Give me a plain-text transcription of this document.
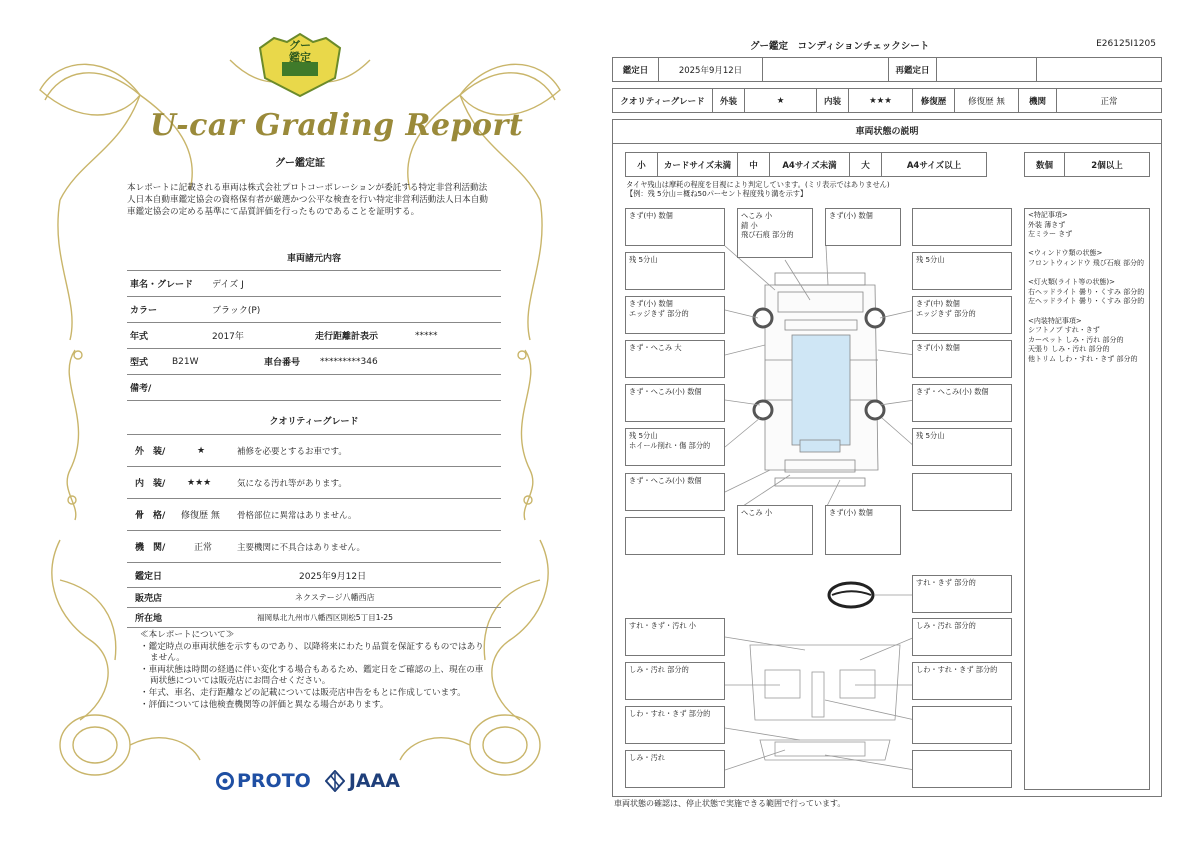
グー
鑑定
U-car Grading Report
グー鑑定証
本レポートに記載される車両は株式会社プロトコーポレーションが委託する特定非営利活動法人日本自動車鑑定協会の資格保有者が厳選かつ公平な検査を行い特定非営利活動法人日本自動車鑑定協会の定める基準にて品質評価を行ったものであることを証明する。
車両諸元内容
車名・グレード デイズ J
カラー	ブラック(P)
年式	2017年	走行距離計表示	*****
型式	B21W	車台番号 *********346
備考/
クオリティーグレード
外　装/	★	補修を必要とするお車です。
内　装/ ★★★	気になる汚れ等があります。
骨　格/ 修復歴 無 骨格部位に異常はありません。
機　関/	正常	主要機関に不具合はありません。
鑑定日	2025年9月12日
販売店	ネクステージ八幡西店
所在地	福岡県北九州市八幡西区則松5丁目1-25
≪本レポートについて≫
・鑑定時点の車両状態を示すものであり、以降将来にわたり品質を保証するものではありません。
・車両状態は時間の経過に伴い変化する場合もあるため、鑑定日をご確認の上、現在の車両状態については販売店にお問合せください。
・年式、車名、走行距離などの記載については販売店申告をもとに作成しています。
・評価については他検査機関等の評価と異なる場合があります。
PROTO JAAA
グー鑑定　コンディションチェックシート	E26125I1205
鑑定日	2025年9月12日		再鑑定日		
クオリティーグレード	外装	★	内装	★★★	修復歴	修復歴 無	機関	正常
車両状態の説明
小	カードサイズ未満	中	A4サイズ未満	大	A4サイズ以上	数個	2個以上
タイヤ残山は摩耗の程度を目視により判定しています。(ミリ表示ではありません)
【例：残 5分山＝概ね50パーセント程度残り溝を示す】
きず(中) 数個	へこみ 小
錆 小
飛び石痕 部分的
きず(小) 数個
残 5分山	残 5分山
きず(小) 数個
エッジきず 部分的
きず(中) 数個
エッジきず 部分的
きず・へこみ 大	きず(小) 数個
きず・へこみ(小) 数個	きず・へこみ(小) 数個
残 5分山
ホイール削れ・傷 部分的
残 5分山
きず・へこみ(小) 数個
へこみ 小	きず(小) 数個
すれ・きず 部分的
すれ・きず・汚れ 小	しみ・汚れ 部分的
しみ・汚れ 部分的	しわ・すれ・きず 部分的
しわ・すれ・きず 部分的
しみ・汚れ
<特記事項>
外装 薄きず
左ミラー きず

<ウィンドウ類の状態>
フロントウィンドウ 飛び石痕 部分的

<灯火類(ライト等の状態)>
右ヘッドライト 曇り・くすみ 部分的
左ヘッドライト 曇り・くすみ 部分的

<内装特記事項>
シフトノブ すれ・きず
カーペット しみ・汚れ 部分的
天張り しみ・汚れ 部分的
他トリム しわ・すれ・きず 部分的
車両状態の確認は、停止状態で実施できる範囲で行っています。
